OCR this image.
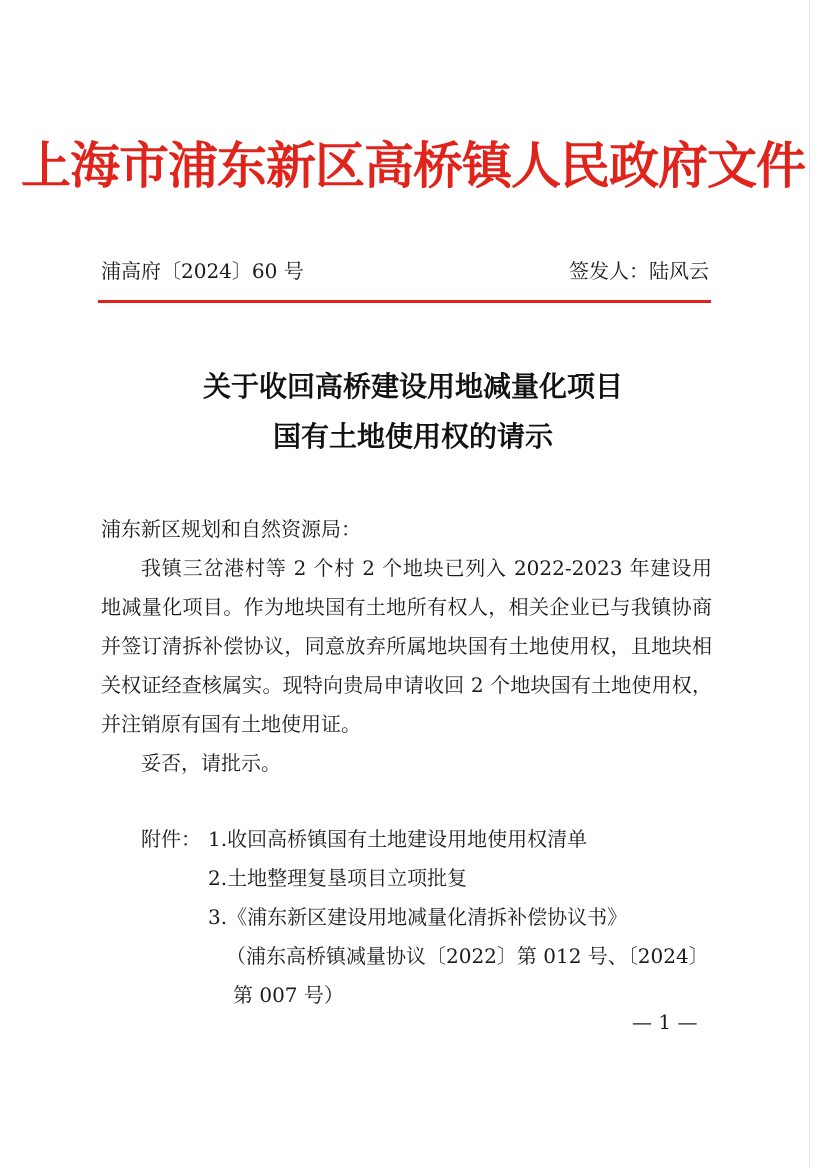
上海市浦东新区高桥镇人民政府文件
浦高府〔2024〕60 号	签发人：陆风云
关于收回高桥建设用地减量化项目
国有土地使用权的请示

浦东新区规划和自然资源局：

我镇三岔港村等 2 个村 2 个地块已列入 2022-2023 年建设用地减量化项目。作为地块国有土地所有权人，相关企业已与我镇协商并签订清拆补偿协议，同意放弃所属地块国有土地使用权，且地块相关权证经查核属实。现特向贵局申请收回 2 个地块国有土地使用权，并注销原有国有土地使用证。

妥否，请批示。

附件： 1.收回高桥镇国有土地建设用地使用权清单
2.土地整理复垦项目立项批复
3.《浦东新区建设用地减量化清拆补偿协议书》
（浦东高桥镇减量协议〔2022〕第 012 号、〔2024〕
第 007 号）
— 1 —
